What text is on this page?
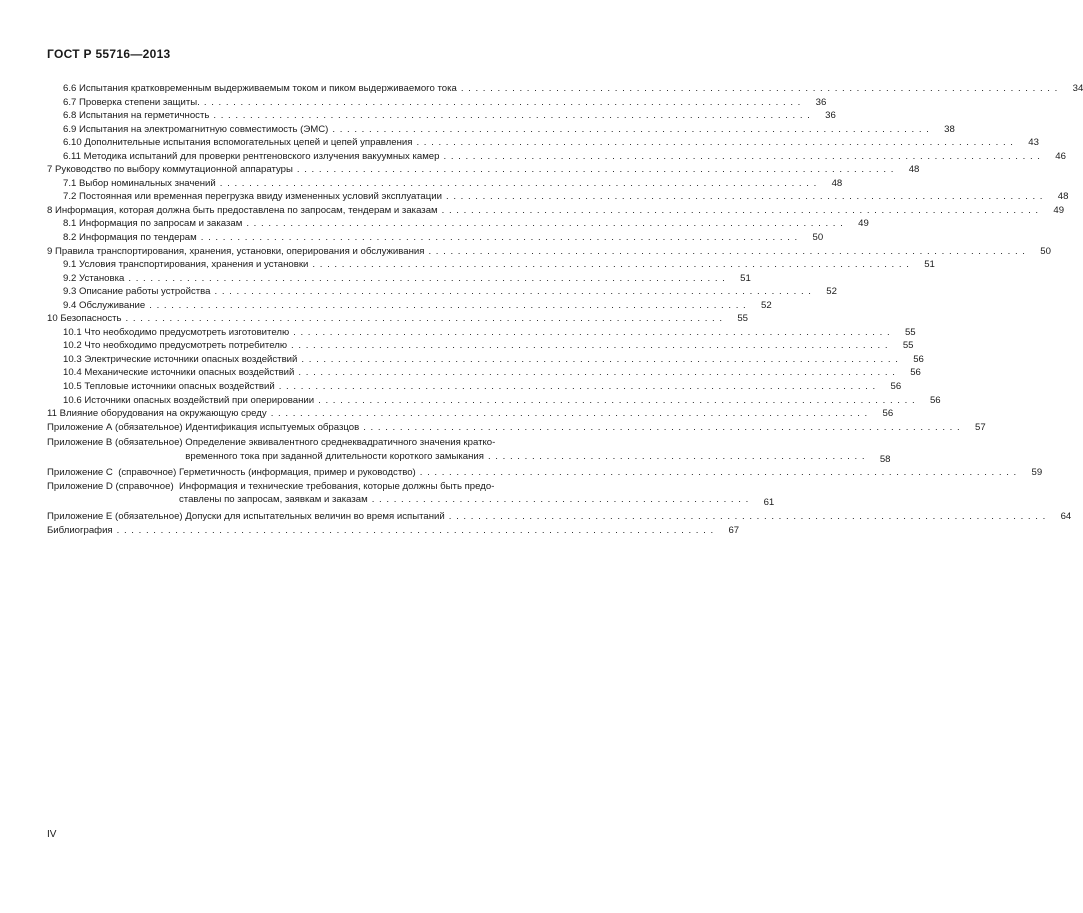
ГОСТ Р 55716—2013
6.6 Испытания кратковременным выдерживаемым током и пиком выдерживаемого тока . . .	34
6.7 Проверка степени защиты. . . .	36
6.8 Испытания на герметичность . . .	36
6.9 Испытания на электромагнитную совместимость (ЭМС) . . .	38
6.10 Дополнительные испытания вспомогательных цепей и цепей управления . . .	43
6.11 Методика испытаний для проверки рентгеновского излучения вакуумных камер . . .	46
7 Руководство по выбору коммутационной аппаратуры . . .	48
7.1 Выбор номинальных значений . . .	48
7.2 Постоянная или временная перегрузка ввиду измененных условий эксплуатации . . .	48
8 Информация, которая должна быть предоставлена по запросам, тендерам и заказам . . .	49
8.1 Информация по запросам и заказам . . .	49
8.2 Информация по тендерам . . .	50
9 Правила транспортирования, хранения, установки, оперирования и обслуживания . . .	50
9.1 Условия транспортирования, хранения и установки . . .	51
9.2 Установка . . .	51
9.3 Описание работы устройства . . .	52
9.4 Обслуживание . . .	52
10 Безопасность . . .	55
10.1 Что необходимо предусмотреть изготовителю . . .	55
10.2 Что необходимо предусмотреть потребителю . . .	55
10.3 Электрические источники опасных воздействий . . .	56
10.4 Механические источники опасных воздействий . . .	56
10.5 Тепловые источники опасных воздействий . . .	56
10.6 Источники опасных воздействий при оперировании . . .	56
11 Влияние оборудования на окружающую среду . . .	56
Приложение А (обязательное) Идентификация испытуемых образцов . . .	57
Приложение В (обязательное) Определение эквивалентного среднеквадратичного значения кратко-
временного тока при заданной длительности короткого замыкания . . .	58
Приложение С  (справочное) Герметичность (информация, пример и руководство) . . .	59
Приложение D (справочное) Информация и технические требования, которые должны быть предо-
ставлены по запросам, заявкам и заказам . . .	61
Приложение Е (обязательное) Допуски для испытательных величин во время испытаний . . .	64
Библиография . . .	67
IV
